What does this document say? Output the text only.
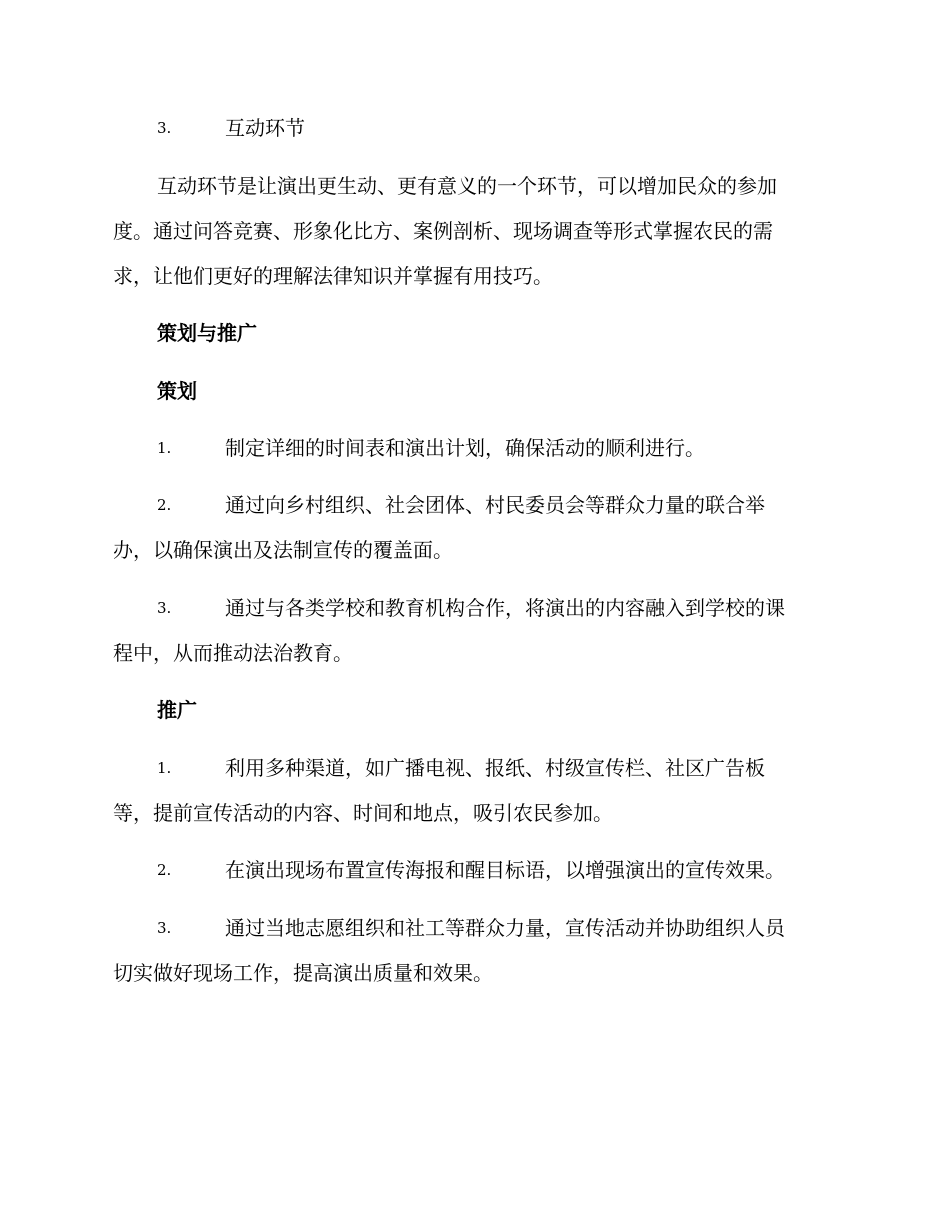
3.	互动环节
互动环节是让演出更生动、更有意义的一个环节，可以增加民众的参加
度。通过问答竞赛、形象化比方、案例剖析、现场调查等形式掌握农民的需
求，让他们更好的理解法律知识并掌握有用技巧。
策划与推广
策划
1.	制定详细的时间表和演出计划，确保活动的顺利进行。
2.	通过向乡村组织、社会团体、村民委员会等群众力量的联合举
办，以确保演出及法制宣传的覆盖面。
3.	通过与各类学校和教育机构合作，将演出的内容融入到学校的课
程中，从而推动法治教育。
推广
1.	利用多种渠道，如广播电视、报纸、村级宣传栏、社区广告板
等，提前宣传活动的内容、时间和地点，吸引农民参加。
2.	在演出现场布置宣传海报和醒目标语，以增强演出的宣传效果。
3.	通过当地志愿组织和社工等群众力量，宣传活动并协助组织人员
切实做好现场工作，提高演出质量和效果。
